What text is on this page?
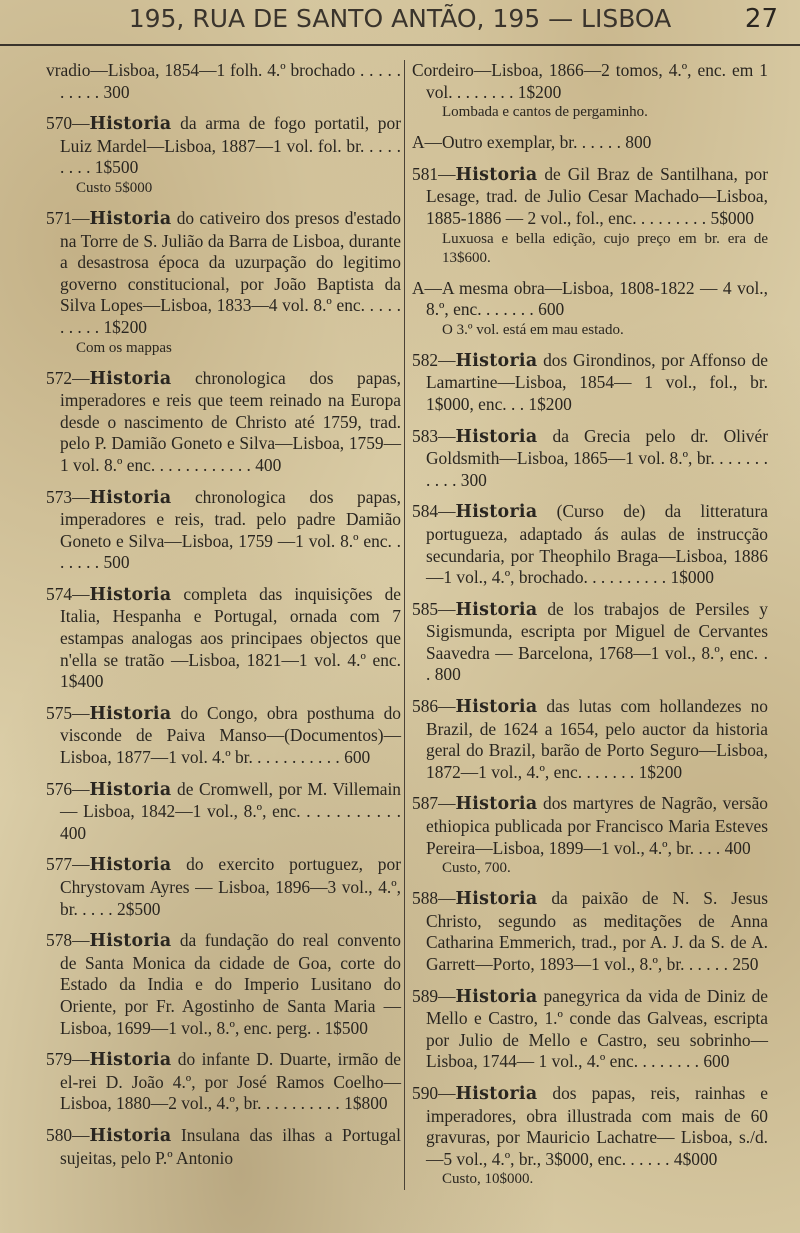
195, RUA DE SANTO ANTÃO, 195 — LISBOA	27
vradio—Lisboa, 1854—1 folh. 4.º brochado . . . . . . . . . . 300
570—Historia da arma de fogo portatil, por Luiz Mardel—Lisboa, 1887—1 vol. fol. br. . . . . . . . . 1$500
Custo 5$000
571—Historia do cativeiro dos presos d'estado na Torre de S. Julião da Barra de Lisboa, durante a desastrosa época da uzurpação do legitimo governo constitucional, por João Baptista da Silva Lopes—Lisboa, 1833—4 vol. 8.º enc. . . . . . . . . . 1$200
Com os mappas
572—Historia chronologica dos papas, imperadores e reis que teem reinado na Europa desde o nascimento de Christo até 1759, trad. pelo P. Damião Goneto e Silva—Lisboa, 1759—1 vol. 8.º enc. . . . . . . . . . . . 400
573—Historia chronologica dos papas, imperadores e reis, trad. pelo padre Damião Goneto e Silva—Lisboa, 1759 —1 vol. 8.º enc. . . . . . . 500
574—Historia completa das inquisições de Italia, Hespanha e Portugal, ornada com 7 estampas analogas aos principaes objectos que n'ella se tratão —Lisboa, 1821—1 vol. 4.º enc. 1$400
575—Historia do Congo, obra posthuma do visconde de Paiva Manso—(Documentos)—Lisboa, 1877—1 vol. 4.º br. . . . . . . . . . . 600
576—Historia de Cromwell, por M. Villemain— Lisboa, 1842—1 vol., 8.º, enc. . . . . . . . . . . 400
577—Historia do exercito portuguez, por Chrystovam Ayres — Lisboa, 1896—3 vol., 4.º, br. . . . . 2$500
578—Historia da fundação do real convento de Santa Monica da cidade de Goa, corte do Estado da India e do Imperio Lusitano do Oriente, por Fr. Agostinho de Santa Maria — Lisboa, 1699—1 vol., 8.º, enc. perg. . 1$500
579—Historia do infante D. Duarte, irmão de el-rei D. João 4.º, por José Ramos Coelho—Lisboa, 1880—2 vol., 4.º, br. . . . . . . . . . 1$800
580—Historia Insulana das ilhas a Portugal sujeitas, pelo P.º Antonio
Cordeiro—Lisboa, 1866—2 tomos, 4.º, enc. em 1 vol. . . . . . . . 1$200
Lombada e cantos de pergaminho.
A—Outro exemplar, br. . . . . . 800
581—Historia de Gil Braz de Santilhana, por Lesage, trad. de Julio Cesar Machado—Lisboa, 1885-1886 — 2 vol., fol., enc. . . . . . . . . 5$000
Luxuosa e bella edição, cujo preço em br. era de 13$600.
A—A mesma obra—Lisboa, 1808-1822 — 4 vol., 8.º, enc. . . . . . . 600
O 3.º vol. está em mau estado.
582—Historia dos Girondinos, por Affonso de Lamartine—Lisboa, 1854— 1 vol., fol., br. 1$000, enc. . . 1$200
583—Historia da Grecia pelo dr. Olivér Goldsmith—Lisboa, 1865—1 vol. 8.º, br. . . . . . . . . . . 300
584—Historia (Curso de) da litteratura portugueza, adaptado ás aulas de instrucção secundaria, por Theophilo Braga—Lisboa, 1886—1 vol., 4.º, brochado. . . . . . . . . . 1$000
585—Historia de los trabajos de Persiles y Sigismunda, escripta por Miguel de Cervantes Saavedra — Barcelona, 1768—1 vol., 8.º, enc. . . 800
586—Historia das lutas com hollandezes no Brazil, de 1624 a 1654, pelo auctor da historia geral do Brazil, barão de Porto Seguro—Lisboa, 1872—1 vol., 4.º, enc. . . . . . . 1$200
587—Historia dos martyres de Nagrão, versão ethiopica publicada por Francisco Maria Esteves Pereira—Lisboa, 1899—1 vol., 4.º, br. . . . 400
Custo, 700.
588—Historia da paixão de N. S. Jesus Christo, segundo as meditações de Anna Catharina Emmerich, trad., por A. J. da S. de A. Garrett—Porto, 1893—1 vol., 8.º, br. . . . . . 250
589—Historia panegyrica da vida de Diniz de Mello e Castro, 1.º conde das Galveas, escripta por Julio de Mello e Castro, seu sobrinho—Lisboa, 1744— 1 vol., 4.º enc. . . . . . . . 600
590—Historia dos papas, reis, rainhas e imperadores, obra illustrada com mais de 60 gravuras, por Mauricio Lachatre— Lisboa, s./d.—5 vol., 4.º, br., 3$000, enc. . . . . . 4$000
Custo, 10$000.
